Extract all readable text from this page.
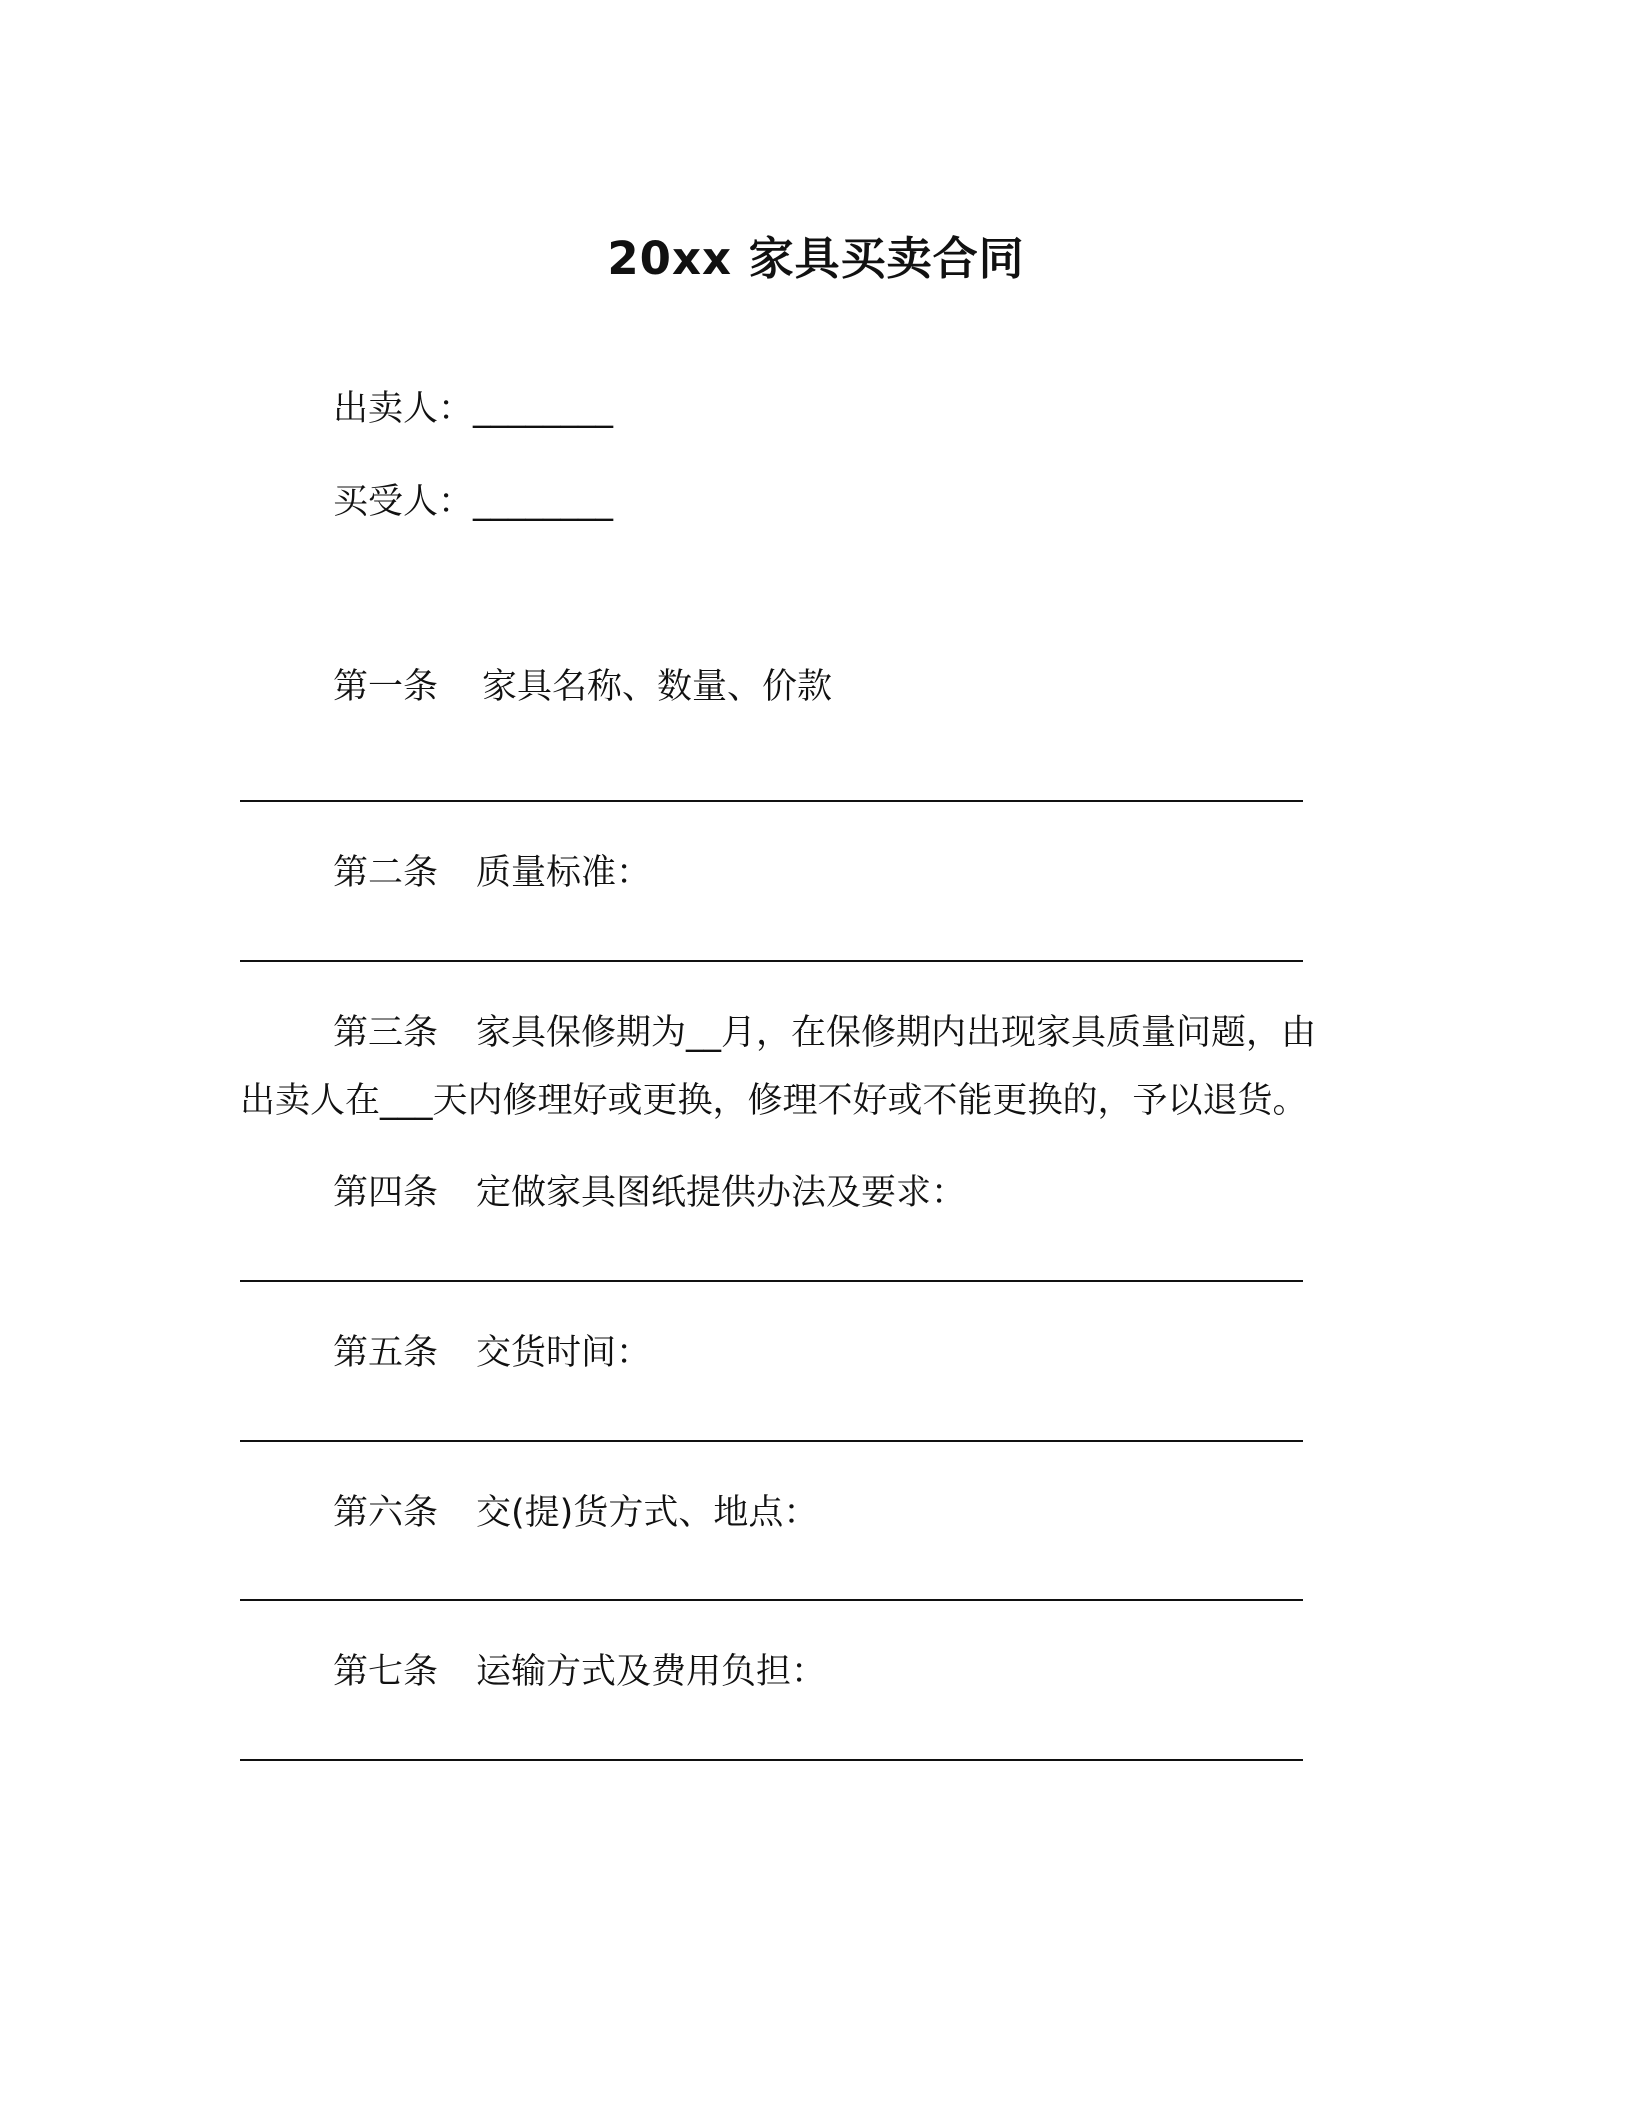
20xx 家具买卖合同
出卖人：________
买受人：________
第一条 家具名称、数量、价款
第二条 质量标准：
第三条 家具保修期为__月，在保修期内出现家具质量问题，由
出卖人在___天内修理好或更换，修理不好或不能更换的，予以退货。
第四条 定做家具图纸提供办法及要求：
第五条 交货时间：
第六条 交(提)货方式、地点：
第七条 运输方式及费用负担：
